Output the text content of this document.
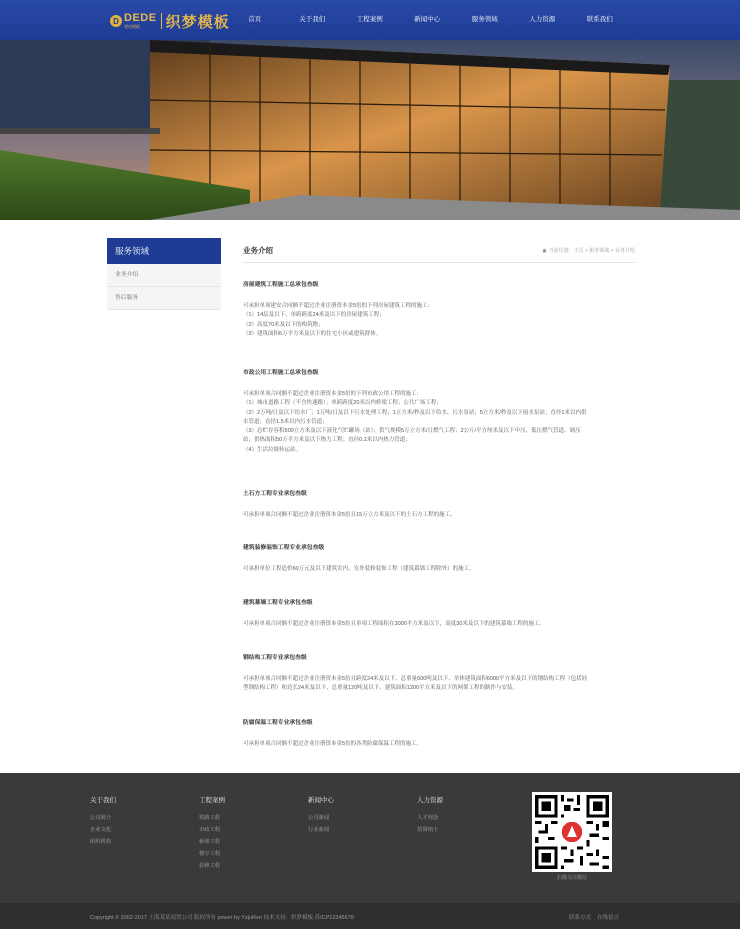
D DEDE
建站模板	织梦模板	首页	关于我们	工程案例	新闻中心	服务领域	人力资源	联系我们
服务领域
业务介绍
售后服务
业务介绍	当前位置：主页 > 服务领域 > 业务介绍
房屋建筑工程施工总承包叁级
可承担单项建安合同额不超过企业注册资本金5倍的下列房屋建筑工程的施工：
（1）14层及以下、单跨跨度24米及以下的房屋建筑工程；
（2）高度70米及以下的构筑物；
（3）建筑面积6万平方米及以下的住宅小区或建筑群体。
市政公用工程施工总承包叁级
可承担单项合同额不超过企业注册资本金5倍的下列市政公用工程的施工：
（1）城市道路工程（不含快速路）；单跨跨度20米以内桥梁工程；公共广场工程；
（2）2万吨/日及以下给水厂；1万吨/日及以下污水处理工程；1立方米/秒及以下给水、污水泵站；5立方米/秒及以下雨水泵站；直径1米以内供
水管道；直径1.5米以内污水管道；
（3）总贮存容积500立方米及以下液化气贮罐场（站）；供气规模5万立方米/日燃气工程；2公斤/平方厘米及以下中压、低压燃气管道、调压
站；供热面积50万平方米及以下热力工程；直径0.2米以内热力管道；
（4）生活垃圾转运站。
土石方工程专业承包叁级
可承担单项合同额不超过企业注册资本金5倍且15万立方米及以下的土石方工程的施工。
建筑装修装饰工程专业承包叁级
可承担单位工程造价60万元及以下建筑室内、室外装修装饰工程（建筑幕墙工程除外）的施工。
建筑幕墙工程专业承包叁级
可承担单项合同额不超过企业注册资本金5倍且单项工程面积在3000平方米及以下，高度30米及以下的建筑幕墙工程的施工。
钢结构工程专业承包叁级
可承担单项合同额不超过企业注册资本金5倍且跨度24米及以下、总重量600吨及以下、单体建筑面积6000平方米及以下的钢结构工程（包括轻
型钢结构工程）和边长24米及以下、总重量120吨及以下、建筑面积1200平方米及以下的网架工程的制作与安装。
防腐保温工程专业承包叁级
可承担单项合同额不超过企业注册资本金5倍的各类防腐保温工程的施工。
关于我们
公司简介
企业文化
组织机构
工程案例
铁路工程
市政工程
桥梁工程
楼宇工程
装修工程
新闻中心
公司新闻
行业新闻
人力资源
人才理念
招贤纳士
扫描关注微信
Copyright © 2002-2017 上海某某商贸公司 版权所有 power by YzjuRen 技术支持：织梦模板 苏ICP12345678	联系方式 在线留言
